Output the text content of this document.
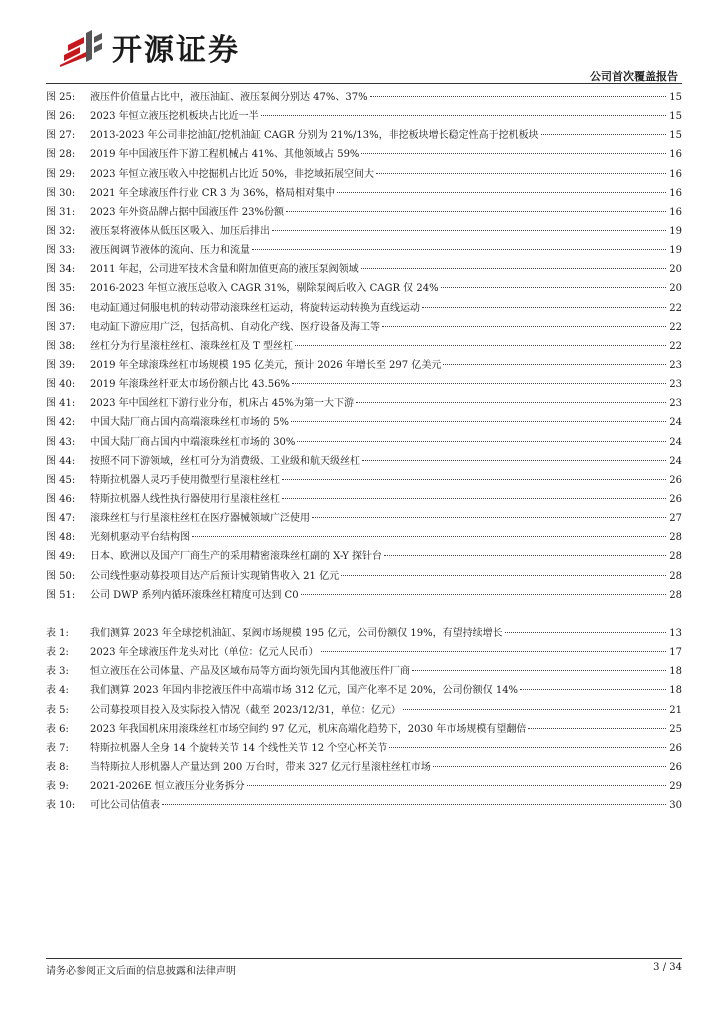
开源证券
公司首次覆盖报告
图 25:	液压件价值量占比中，液压油缸、液压泵阀分别达 47%、37%	15
图 26:	2023 年恒立液压挖机板块占比近一半	15
图 27:	2013-2023 年公司非挖油缸/挖机油缸 CAGR 分别为 21%/13%，非挖板块增长稳定性高于挖机板块	15
图 28:	2019 年中国液压件下游工程机械占 41%、其他领域占 59%	16
图 29:	2023 年恒立液压收入中挖掘机占比近 50%，非挖域拓展空间大	16
图 30:	2021 年全球液压件行业 CR 3 为 36%，格局相对集中	16
图 31:	2023 年外资品牌占据中国液压件 23%份额	16
图 32:	液压泵将液体从低压区吸入、加压后排出	19
图 33:	液压阀调节液体的流向、压力和流量	19
图 34:	2011 年起，公司进军技术含量和附加值更高的液压泵阀领域	20
图 35:	2016-2023 年恒立液压总收入 CAGR 31%，剔除泵阀后收入 CAGR 仅 24%	20
图 36:	电动缸通过伺服电机的转动带动滚珠丝杠运动，将旋转运动转换为直线运动	22
图 37:	电动缸下游应用广泛，包括高机、自动化产线、医疗设备及海工等	22
图 38:	丝杠分为行星滚柱丝杠、滚珠丝杠及 T 型丝杠	22
图 39:	2019 年全球滚珠丝杠市场规模 195 亿美元，预计 2026 年增长至 297 亿美元	23
图 40:	2019 年滚珠丝杆亚太市场份额占比 43.56%	23
图 41:	2023 年中国丝杠下游行业分布，机床占 45%为第一大下游	23
图 42:	中国大陆厂商占国内高端滚珠丝杠市场的 5%	24
图 43:	中国大陆厂商占国内中端滚珠丝杠市场的 30%	24
图 44:	按照不同下游领域，丝杠可分为消费级、工业级和航天级丝杠	24
图 45:	特斯拉机器人灵巧手使用微型行星滚柱丝杠	26
图 46:	特斯拉机器人线性执行器使用行星滚柱丝杠	26
图 47:	滚珠丝杠与行星滚柱丝杠在医疗器械领域广泛使用	27
图 48:	光刻机驱动平台结构图	28
图 49:	日本、欧洲以及国产厂商生产的采用精密滚珠丝杠副的 X-Y 探针台	28
图 50:	公司线性驱动募投项目达产后预计实现销售收入 21 亿元	28
图 51:	公司 DWP 系列内循环滚珠丝杠精度可达到 C0	28
表 1:	我们测算 2023 年全球挖机油缸、泵阀市场规模 195 亿元，公司份额仅 19%，有望持续增长	13
表 2:	2023 年全球液压件龙头对比（单位：亿元人民币）	17
表 3:	恒立液压在公司体量、产品及区域布局等方面均领先国内其他液压件厂商	18
表 4:	我们测算 2023 年国内非挖液压件中高端市场 312 亿元，国产化率不足 20%，公司份额仅 14%	18
表 5:	公司募投项目投入及实际投入情况（截至 2023/12/31，单位：亿元）	21
表 6:	2023 年我国机床用滚珠丝杠市场空间约 97 亿元，机床高端化趋势下，2030 年市场规模有望翻倍	25
表 7:	特斯拉机器人全身 14 个旋转关节 14 个线性关节 12 个空心杯关节	26
表 8:	当特斯拉人形机器人产量达到 200 万台时，带来 327 亿元行星滚柱丝杠市场	26
表 9:	2021-2026E 恒立液压分业务拆分	29
表 10:	可比公司估值表	30
请务必参阅正文后面的信息披露和法律声明	3 / 34
